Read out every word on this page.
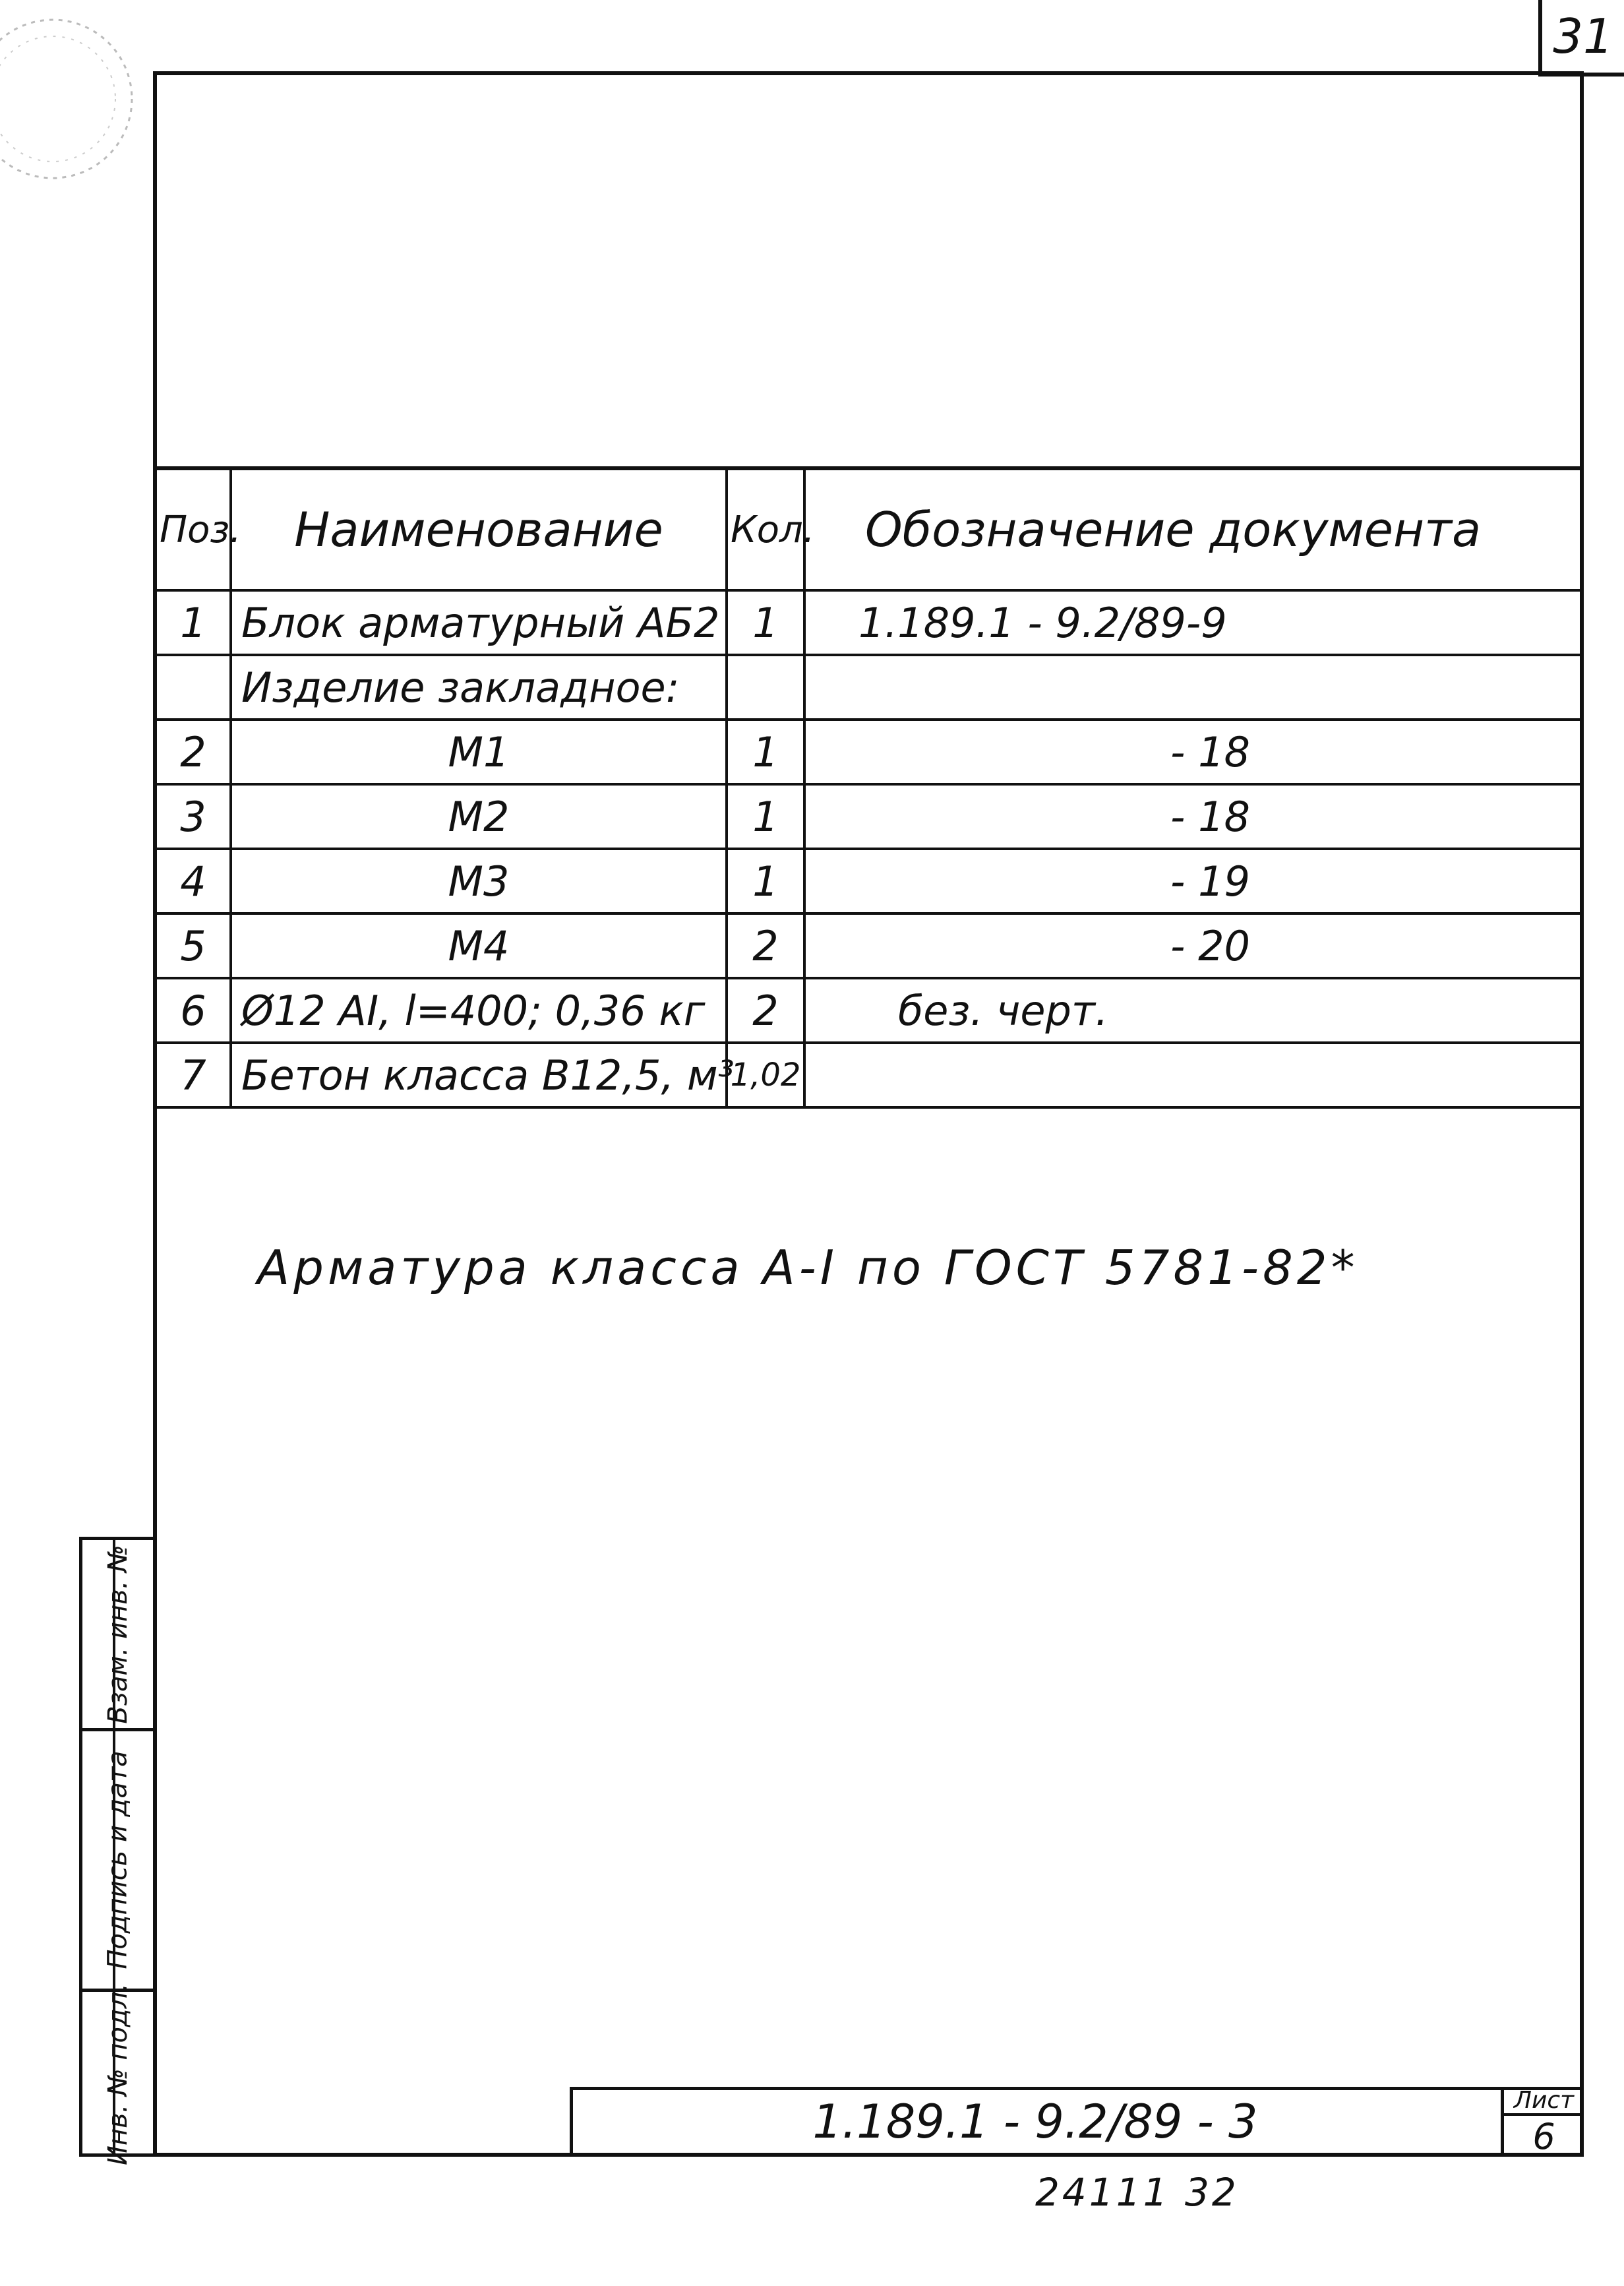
31
Поз.	Наименование	Кол.	Обозначение документа
1	Блок арматурный АБ2	1	1.189.1 - 9.2/89-9
	Изделие закладное:		
2	М1	1	- 18
3	М2	1	- 18
4	М3	1	- 19
5	М4	2	- 20
6	Ø12 АI, l=400; 0,36 кг	2	без. черт.
7	Бетон класса В12,5, м³	1,02	
Арматура класса А-I по ГОСТ 5781-82*
Взам. инв. №
Подпись и дата
Инв. № подл.	1.189.1 - 9.2/89 - 3	Лист
6
24111 32
